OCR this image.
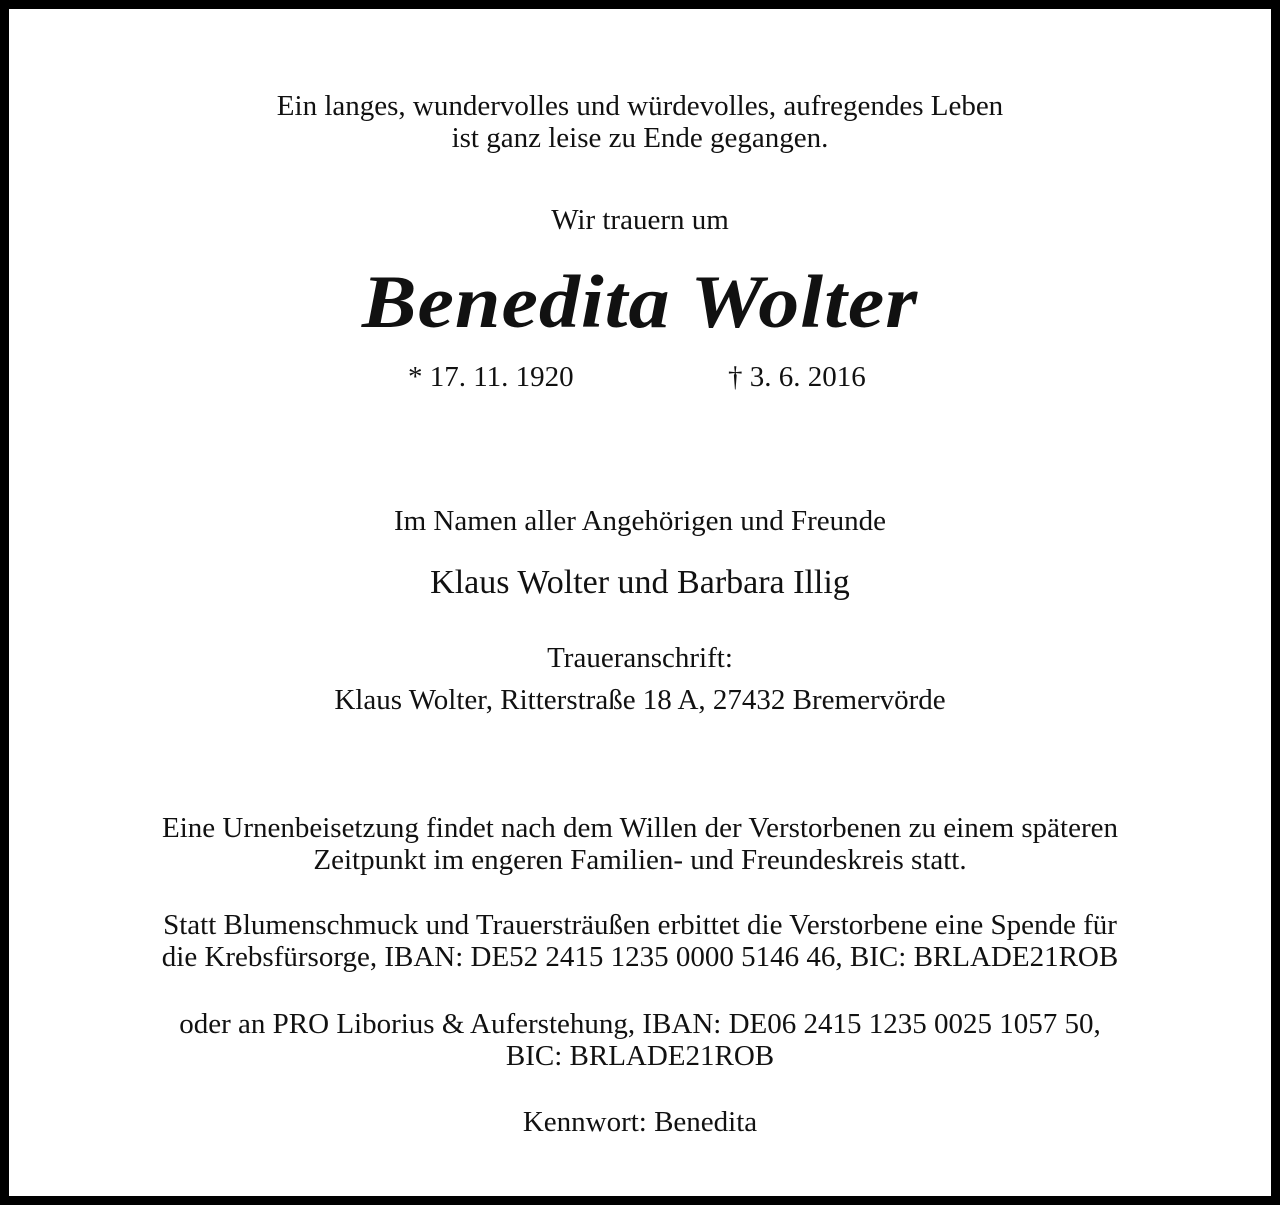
Ein langes, wundervolles und würdevolles, aufregendes Leben
ist ganz leise zu Ende gegangen.
Wir trauern um
Benedita Wolter
* 17. 11. 1920	† 3. 6. 2016
Im Namen aller Angehörigen und Freunde
Klaus Wolter und Barbara Illig
Traueranschrift:
Klaus Wolter, Ritterstraße 18 A, 27432 Bremervörde
Eine Urnenbeisetzung findet nach dem Willen der Verstorbenen zu einem späteren
Zeitpunkt im engeren Familien- und Freundeskreis statt.
Statt Blumenschmuck und Trauersträußen erbittet die Verstorbene eine Spende für
die Krebsfürsorge, IBAN: DE52 2415 1235 0000 5146 46, BIC: BRLADE21ROB
oder an PRO Liborius & Auferstehung, IBAN: DE06 2415 1235 0025 1057 50,
BIC: BRLADE21ROB
Kennwort: Benedita
